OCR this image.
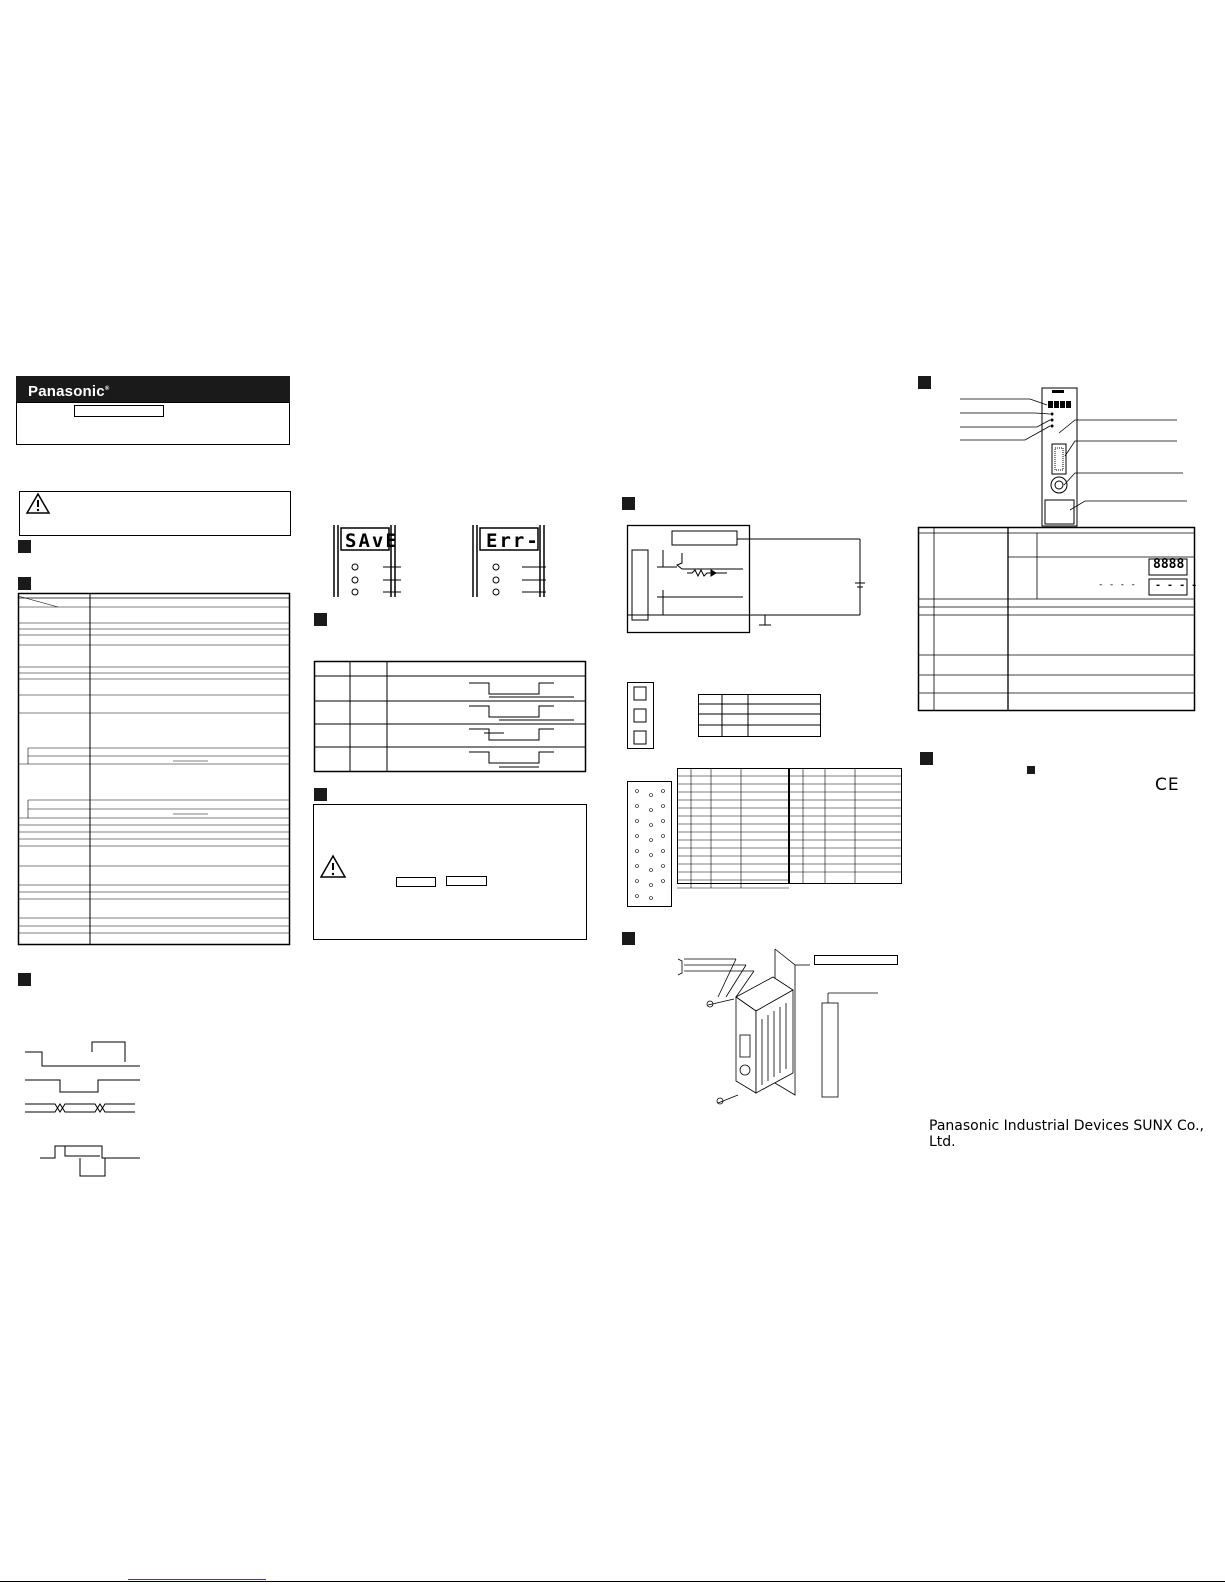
Panasonic®
SAvE	Err-
8888
- - - -
- - - -
CE
Panasonic Industrial Devices SUNX Co., Ltd.
